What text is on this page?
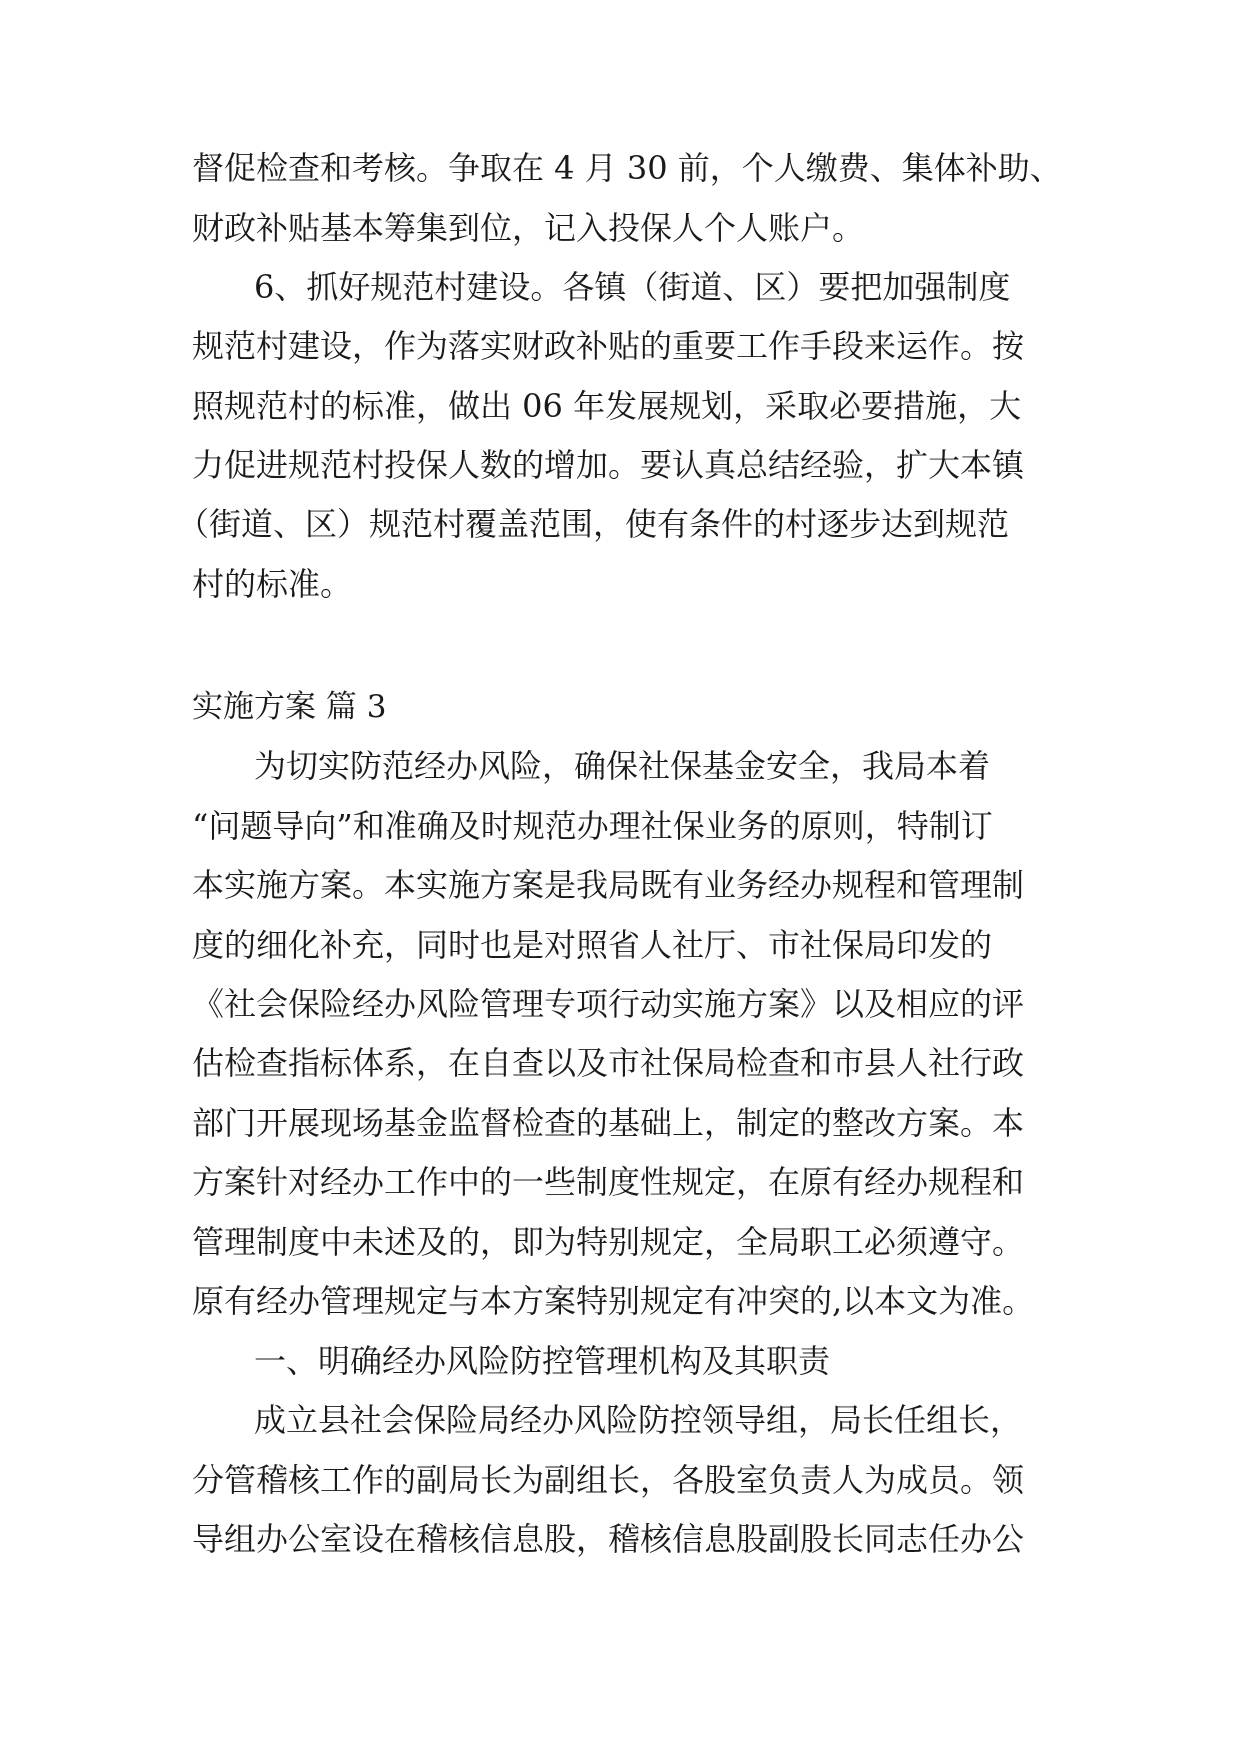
督促检查和考核。争取在 4 月 30 前，个人缴费、集体补助、
财政补贴基本筹集到位，记入投保人个人账户。
6、抓好规范村建设。各镇（街道、区）要把加强制度
规范村建设，作为落实财政补贴的重要工作手段来运作。按
照规范村的标准，做出 06 年发展规划，采取必要措施，大
力促进规范村投保人数的增加。要认真总结经验，扩大本镇
（街道、区）规范村覆盖范围，使有条件的村逐步达到规范
村的标准。
实施方案 篇 3
为切实防范经办风险，确保社保基金安全，我局本着
“问题导向”和准确及时规范办理社保业务的原则，特制订
本实施方案。本实施方案是我局既有业务经办规程和管理制
度的细化补充，同时也是对照省人社厅、市社保局印发的
《社会保险经办风险管理专项行动实施方案》以及相应的评
估检查指标体系，在自查以及市社保局检查和市县人社行政
部门开展现场基金监督检查的基础上，制定的整改方案。本
方案针对经办工作中的一些制度性规定，在原有经办规程和
管理制度中未述及的，即为特别规定，全局职工必须遵守。
原有经办管理规定与本方案特别规定有冲突的,以本文为准。
一、明确经办风险防控管理机构及其职责
成立县社会保险局经办风险防控领导组，局长任组长，
分管稽核工作的副局长为副组长，各股室负责人为成员。领
导组办公室设在稽核信息股，稽核信息股副股长同志任办公
